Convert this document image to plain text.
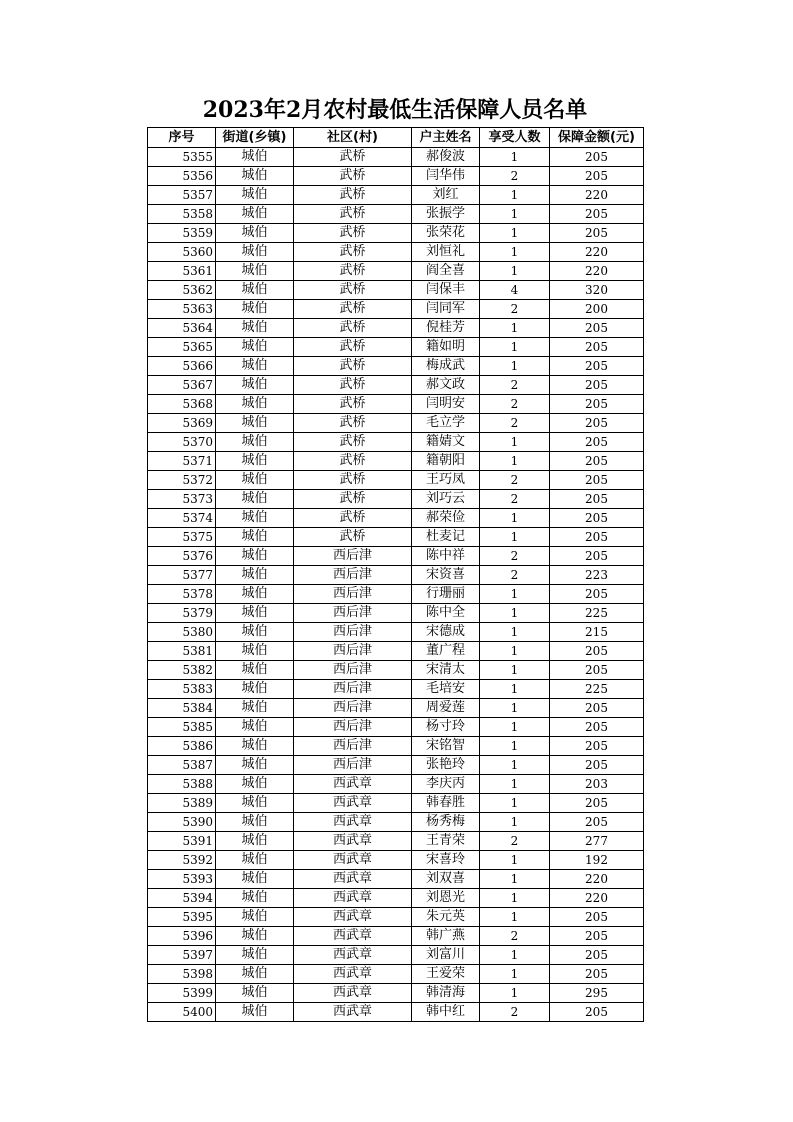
2023年2月农村最低生活保障人员名单
序号	街道(乡镇)	社区(村)	户主姓名	享受人数	保障金额(元)
5355	城伯	武桥	郝俊波	1	205
5356	城伯	武桥	闫华伟	2	205
5357	城伯	武桥	刘红	1	220
5358	城伯	武桥	张振学	1	205
5359	城伯	武桥	张荣花	1	205
5360	城伯	武桥	刘恒礼	1	220
5361	城伯	武桥	阎全喜	1	220
5362	城伯	武桥	闫保丰	4	320
5363	城伯	武桥	闫同军	2	200
5364	城伯	武桥	倪桂芳	1	205
5365	城伯	武桥	籍如明	1	205
5366	城伯	武桥	梅成武	1	205
5367	城伯	武桥	郝文政	2	205
5368	城伯	武桥	闫明安	2	205
5369	城伯	武桥	毛立学	2	205
5370	城伯	武桥	籍婧文	1	205
5371	城伯	武桥	籍朝阳	1	205
5372	城伯	武桥	王巧凤	2	205
5373	城伯	武桥	刘巧云	2	205
5374	城伯	武桥	郝荣俭	1	205
5375	城伯	武桥	杜麦记	1	205
5376	城伯	西后津	陈中祥	2	205
5377	城伯	西后津	宋资喜	2	223
5378	城伯	西后津	行珊丽	1	205
5379	城伯	西后津	陈中全	1	225
5380	城伯	西后津	宋德成	1	215
5381	城伯	西后津	董广程	1	205
5382	城伯	西后津	宋清太	1	205
5383	城伯	西后津	毛培安	1	225
5384	城伯	西后津	周爱莲	1	205
5385	城伯	西后津	杨寸玲	1	205
5386	城伯	西后津	宋铭智	1	205
5387	城伯	西后津	张艳玲	1	205
5388	城伯	西武章	李庆丙	1	203
5389	城伯	西武章	韩春胜	1	205
5390	城伯	西武章	杨秀梅	1	205
5391	城伯	西武章	王青荣	2	277
5392	城伯	西武章	宋喜玲	1	192
5393	城伯	西武章	刘双喜	1	220
5394	城伯	西武章	刘恩光	1	220
5395	城伯	西武章	朱元英	1	205
5396	城伯	西武章	韩广燕	2	205
5397	城伯	西武章	刘富川	1	205
5398	城伯	西武章	王爱荣	1	205
5399	城伯	西武章	韩清海	1	295
5400	城伯	西武章	韩中红	2	205
